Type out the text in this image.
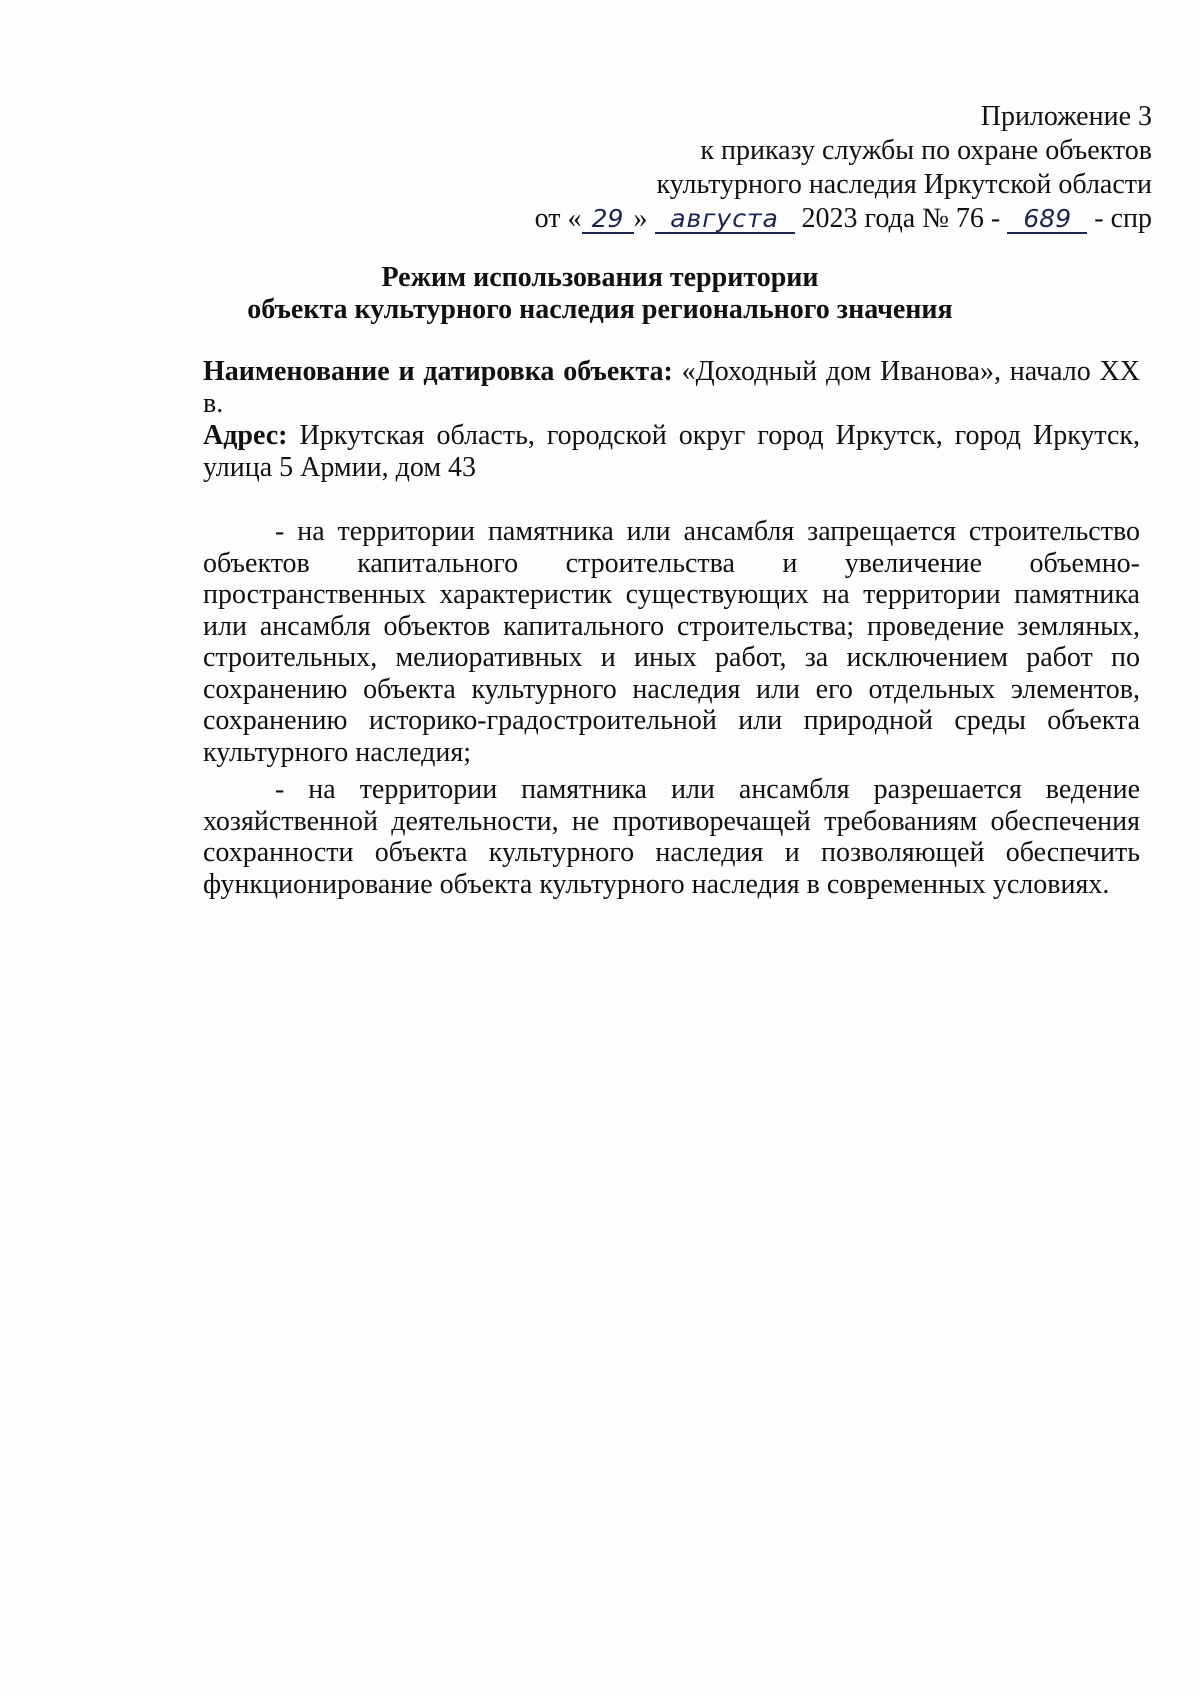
Приложение 3
к приказу службы по охране объектов
культурного наследия Иркутской области
от « 29 » августа 2023 года № 76 - 689 - спр
Режим использования территории
объекта культурного наследия регионального значения

Наименование и датировка объекта: «Доходный дом Иванова», начало XX в.

Адрес: Иркутская область, городской округ город Иркутск, город Иркутск, улица 5 Армии, дом 43

- на территории памятника или ансамбля запрещается строительство объектов капитального строительства и увеличение объемно-пространственных характеристик существующих на территории памятника или ансамбля объектов капитального строительства; проведение земляных, строительных, мелиоративных и иных работ, за исключением работ по сохранению объекта культурного наследия или его отдельных элементов, сохранению историко-градостроительной или природной среды объекта культурного наследия;

- на территории памятника или ансамбля разрешается ведение хозяйственной деятельности, не противоречащей требованиям обеспечения сохранности объекта культурного наследия и позволяющей обеспечить функционирование объекта культурного наследия в современных условиях.
